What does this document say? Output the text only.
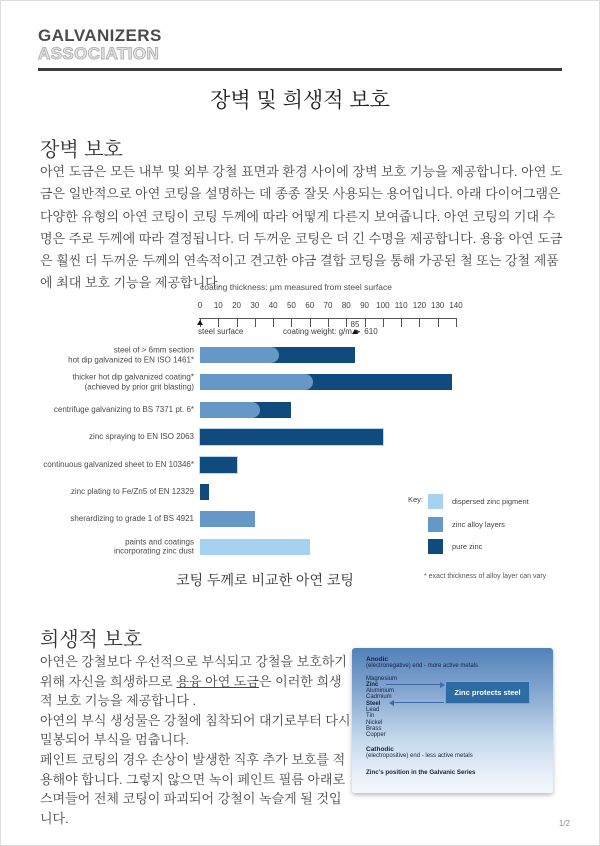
GALVANIZERS
ASSOCIATION
장벽 및 희생적 보호
장벽 보호
아연 도금은 모든 내부 및 외부 강철 표면과 환경 사이에 장벽 보호 기능을 제공합니다. 아연 도금은 일반적으로 아연 코팅을 설명하는 데 종종 잘못 사용되는 용어입니다. 아래 다이어그램은 다양한 유형의 아연 코팅이 코팅 두께에 따라 어떻게 다른지 보여줍니다. 아연 코팅의 기대 수명은 주로 두께에 따라 결정됩니다. 더 두꺼운 코팅은 더 긴 수명을 제공합니다. 용융 아연 도금은 훨씬 더 두꺼운 두께의 연속적이고 견고한 야금 결합 코팅을 통해 가공된 철 또는 강철 제품에 최대 보호 기능을 제공합니다.
coating thickness: μm measured from steel surface
0 10 20 30 40 50 60 70 80 90 100 110 120 130 140
steel surface	coating weight: g/m ► 610
85
steel of > 6mm section
hot dip galvanized to EN ISO 1461*
thicker hot dip galvanized coating*
(achieved by prior grit blasting)
centrifuge galvanizing to BS 7371 pt. 6*
zinc spraying to EN ISO 2063
continuous galvanized sheet to EN 10346*
zinc plating to Fe/Zn5 of EN 12329
sherardizing to grade 1 of BS 4921
paints and coatings
incorporating zinc dust
Key:	dispersed zinc pigment
zinc alloy layers
pure zinc
코팅 두께로 비교한 아연 코팅	* exact thickness of alloy layer can vary
희생적 보호

아연은 강철보다 우선적으로 부식되고 강철을 보호하기 위해 자신을 희생하므로 용융 아연 도금은 이러한 희생적 보호 기능을 제공합니다 .

아연의 부식 생성물은 강철에 침착되어 대기로부터 다시 밀봉되어 부식을 멈춥니다.

페인트 코팅의 경우 손상이 발생한 직후 추가 보호를 적용해야 합니다. 그렇지 않으면 녹이 페인트 필름 아래로 스며들어 전체 코팅이 파괴되어 강철이 녹슬게 될 것입니다.

Anodic
(electronegative) end - more active metals
Magnesium
Zinc
Aluminium
Cadmium
Steel
Lead
Tin
Nickel
Brass
Copper
Cathodic
(electropositive) end - less active metals
Zinc's position in the Galvanic Series
Zinc protects steel
1/2
